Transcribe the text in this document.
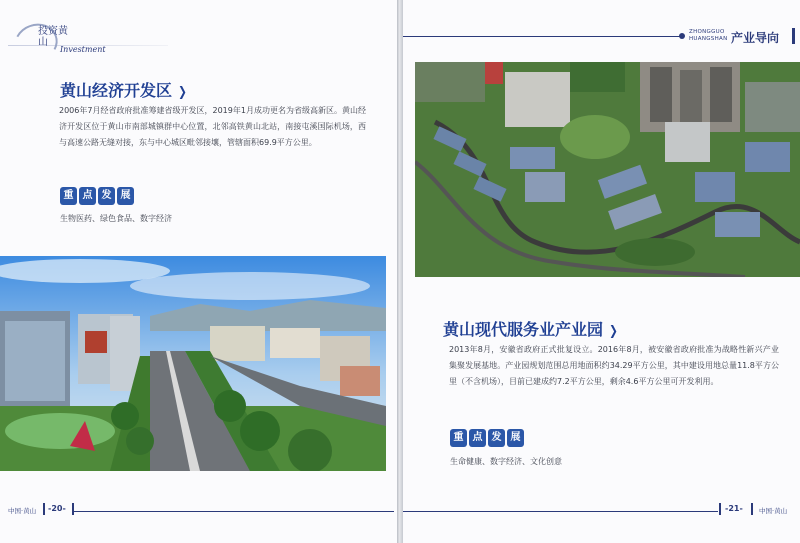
投资黄山
Investment
黄山经济开发区 ❯
2006年7月经省政府批准筹建省级开发区，2019年1月成功更名为省级高新区。黄山经济开发区位于黄山市南部城镇群中心位置，北邻高铁黄山北站，南接屯溪国际机场，西与高速公路无缝对接，东与中心城区毗邻接壤，管辖面积69.9平方公里。
重 点 发 展
生物医药、绿色食品、数字经济
中国·黄山 -20-
ZHONGGUO
HUANGSHAN 产业导向
黄山现代服务业产业园 ❯
2013年8月，安徽省政府正式批复设立。2016年8月，被安徽省政府批准为战略性新兴产业集聚发展基地。产业园规划范围总用地面积约34.29平方公里，其中建设用地总量11.8平方公里（不含机场），目前已建成约7.2平方公里，剩余4.6平方公里可开发利用。
重 点 发 展
生命健康、数字经济、文化创意
-21- 中国·黄山
